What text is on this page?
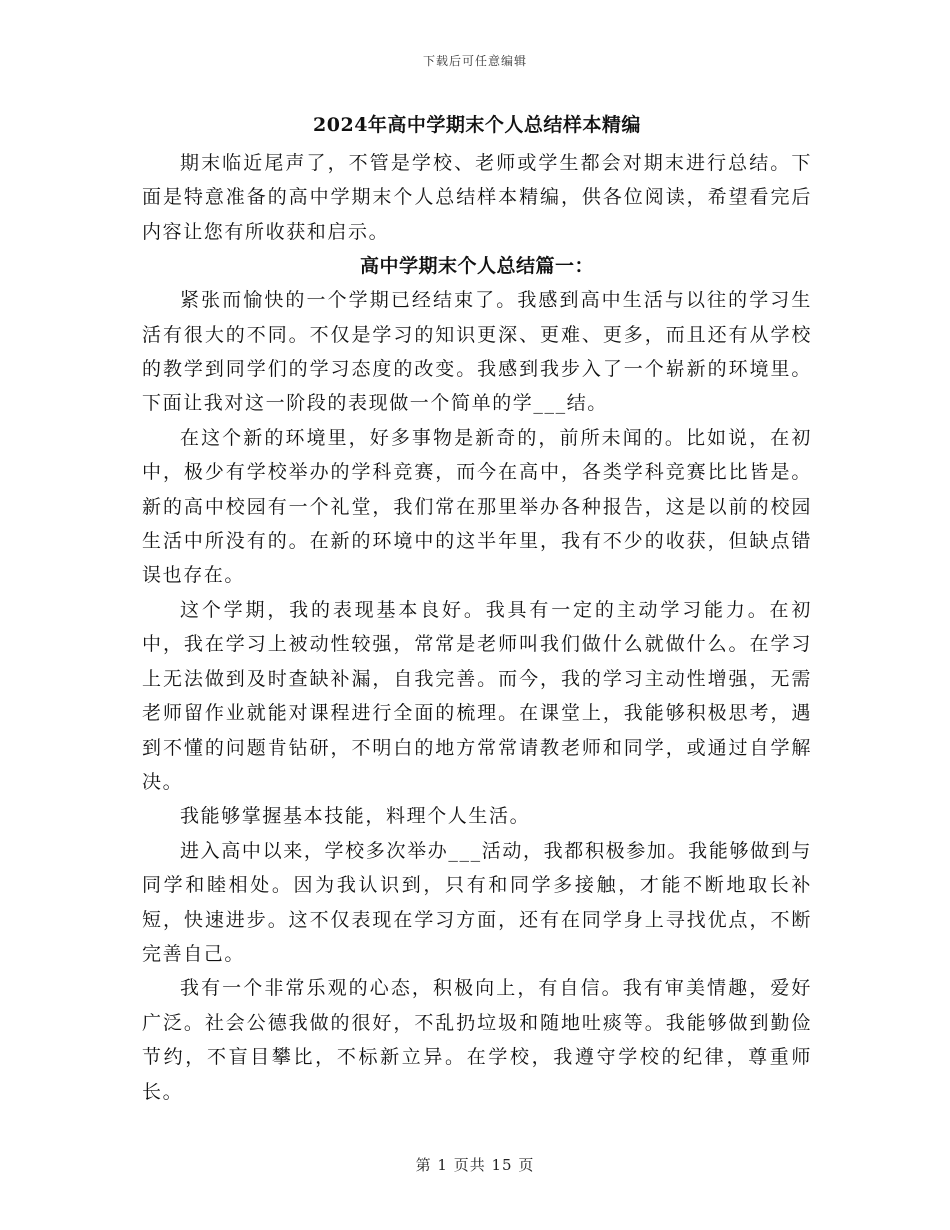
下载后可任意编辑
2024年高中学期末个人总结样本精编

期末临近尾声了，不管是学校、老师或学生都会对期末进行总结。下面是特意准备的高中学期末个人总结样本精编，供各位阅读，希望看完后内容让您有所收获和启示。

高中学期末个人总结篇一：

紧张而愉快的一个学期已经结束了。我感到高中生活与以往的学习生活有很大的不同。不仅是学习的知识更深、更难、更多，而且还有从学校的教学到同学们的学习态度的改变。我感到我步入了一个崭新的环境里。下面让我对这一阶段的表现做一个简单的学___结。

在这个新的环境里，好多事物是新奇的，前所未闻的。比如说，在初中，极少有学校举办的学科竞赛，而今在高中，各类学科竞赛比比皆是。新的高中校园有一个礼堂，我们常在那里举办各种报告，这是以前的校园生活中所没有的。在新的环境中的这半年里，我有不少的收获，但缺点错误也存在。

这个学期，我的表现基本良好。我具有一定的主动学习能力。在初中，我在学习上被动性较强，常常是老师叫我们做什么就做什么。在学习上无法做到及时查缺补漏，自我完善。而今，我的学习主动性增强，无需老师留作业就能对课程进行全面的梳理。在课堂上，我能够积极思考，遇到不懂的问题肯钻研，不明白的地方常常请教老师和同学，或通过自学解决。

我能够掌握基本技能，料理个人生活。

进入高中以来，学校多次举办___活动，我都积极参加。我能够做到与同学和睦相处。因为我认识到，只有和同学多接触，才能不断地取长补短，快速进步。这不仅表现在学习方面，还有在同学身上寻找优点，不断完善自己。

我有一个非常乐观的心态，积极向上，有自信。我有审美情趣，爱好广泛。社会公德我做的很好，不乱扔垃圾和随地吐痰等。我能够做到勤俭节约，不盲目攀比，不标新立异。在学校，我遵守学校的纪律，尊重师长。

第 1 页共 15 页
